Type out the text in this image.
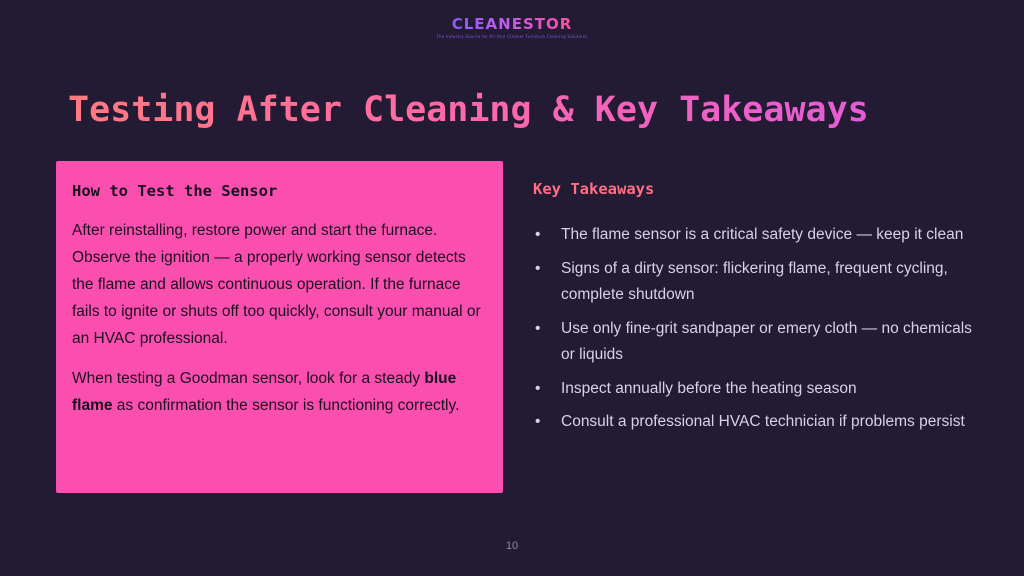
CLEANESTOR
The Industry Source for All Your Cleaner Furniture Cleaning Solutions
Testing After Cleaning & Key Takeaways
How to Test the Sensor

After reinstalling, restore power and start the furnace. Observe the ignition — a properly working sensor detects the flame and allows continuous operation. If the furnace fails to ignite or shuts off too quickly, consult your manual or an HVAC professional.

When testing a Goodman sensor, look for a steady blue flame as confirmation the sensor is functioning correctly.

Key Takeaways
• The flame sensor is a critical safety device — keep it clean
• Signs of a dirty sensor: flickering flame, frequent cycling, complete shutdown
• Use only fine-grit sandpaper or emery cloth — no chemicals or liquids
• Inspect annually before the heating season
• Consult a professional HVAC technician if problems persist
10
